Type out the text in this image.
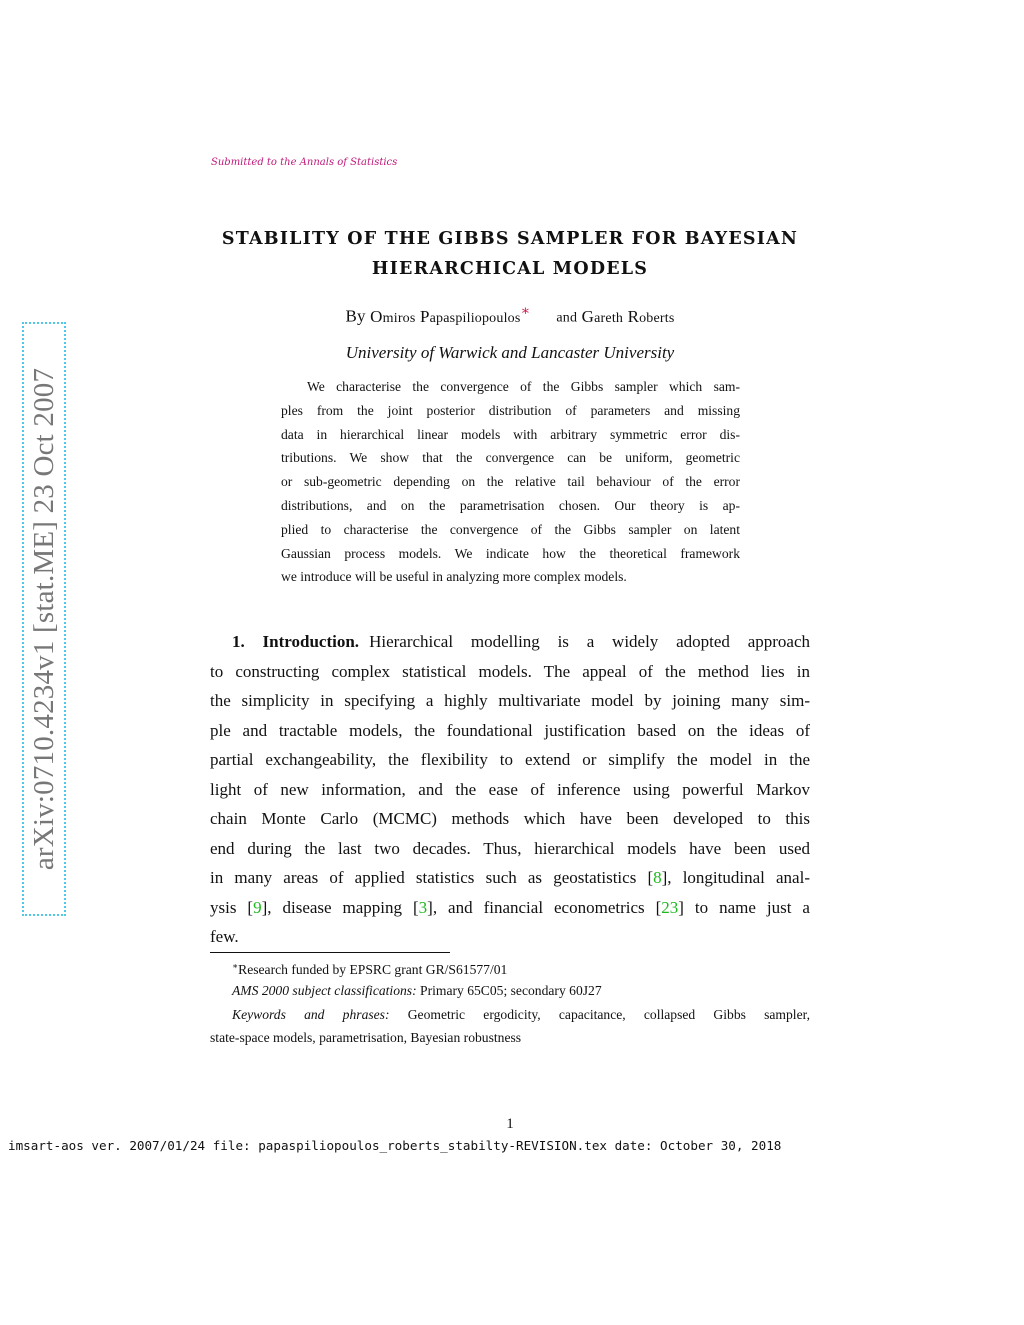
Submitted to the Annals of Statistics
STABILITY OF THE GIBBS SAMPLER FOR BAYESIAN
HIERARCHICAL MODELS
By Omiros Papaspiliopoulos∗ and Gareth Roberts
University of Warwick and Lancaster University
We characterise the convergence of the Gibbs sampler which sam-
ples from the joint posterior distribution of parameters and missing
data in hierarchical linear models with arbitrary symmetric error dis-
tributions. We show that the convergence can be uniform, geometric
or sub-geometric depending on the relative tail behaviour of the error
distributions, and on the parametrisation chosen. Our theory is ap-
plied to characterise the convergence of the Gibbs sampler on latent
Gaussian process models. We indicate how the theoretical framework
we introduce will be useful in analyzing more complex models.
1. Introduction. Hierarchical modelling is a widely adopted approach
to constructing complex statistical models. The appeal of the method lies in
the simplicity in specifying a highly multivariate model by joining many sim-
ple and tractable models, the foundational justification based on the ideas of
partial exchangeability, the flexibility to extend or simplify the model in the
light of new information, and the ease of inference using powerful Markov
chain Monte Carlo (MCMC) methods which have been developed to this
end during the last two decades. Thus, hierarchical models have been used
in many areas of applied statistics such as geostatistics [8], longitudinal anal-
ysis [9], disease mapping [3], and financial econometrics [23] to name just a
few.
∗Research funded by EPSRC grant GR/S61577/01
AMS 2000 subject classifications: Primary 65C05; secondary 60J27
Keywords and phrases: Geometric ergodicity, capacitance, collapsed Gibbs sampler,
state-space models, parametrisation, Bayesian robustness
1
imsart-aos ver. 2007/01/24 file: papaspiliopoulos_roberts_stabilty-REVISION.tex date: October 30, 2018
arXiv:0710.4234v1 [stat.ME] 23 Oct 2007
